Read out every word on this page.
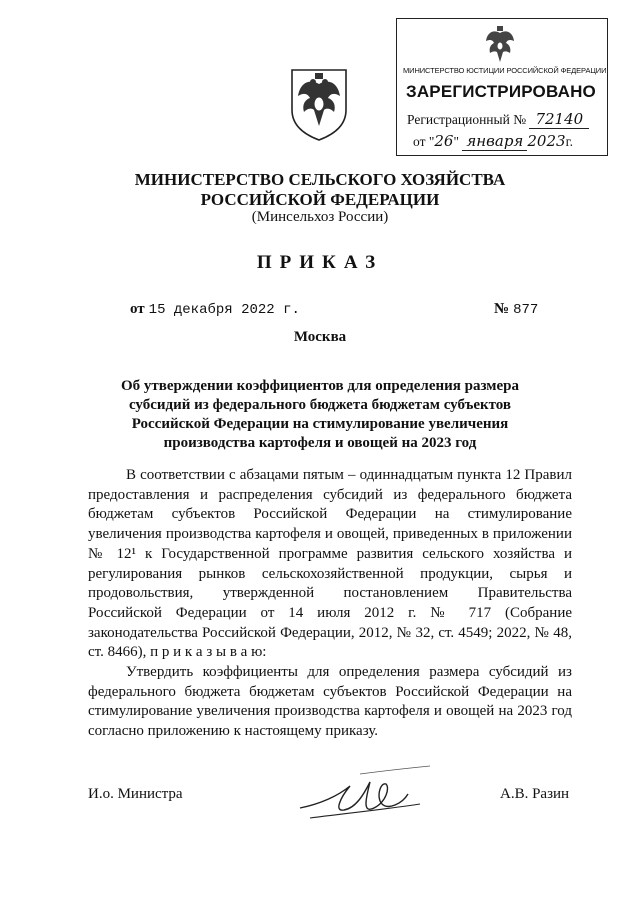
МИНИСТЕРСТВО ЮСТИЦИИ РОССИЙСКОЙ ФЕДЕРАЦИИ
ЗАРЕГИСТРИРОВАНО
Регистрационный № 72140
от "26" января 2023г.
МИНИСТЕРСТВО СЕЛЬСКОГО ХОЗЯЙСТВА
РОССИЙСКОЙ ФЕДЕРАЦИИ
(Минсельхоз России)
ПРИКАЗ
от 15 декабря 2022 г.	№ 877
Москва
Об утверждении коэффициентов для определения размера
субсидий из федерального бюджета бюджетам субъектов
Российской Федерации на стимулирование увеличения
производства картофеля и овощей на 2023 год

В соответствии с абзацами пятым – одиннадцатым пункта 12 Правил предоставления и распределения субсидий из федерального бюджета бюджетам субъектов Российской Федерации на стимулирование увеличения производства картофеля и овощей, приведенных в приложении № 12¹ к Государственной программе развития сельского хозяйства и регулирования рынков сельскохозяйственной продукции, сырья и продовольствия, утвержденной постановлением Правительства Российской Федерации от 14 июля 2012 г. № 717 (Собрание законодательства Российской Федерации, 2012, № 32, ст. 4549; 2022, № 48, ст. 8466), п р и к а з ы в а ю:

Утвердить коэффициенты для определения размера субсидий из федерального бюджета бюджетам субъектов Российской Федерации на стимулирование увеличения производства картофеля и овощей на 2023 год согласно приложению к настоящему приказу.

И.о. Министра	А.В. Разин
